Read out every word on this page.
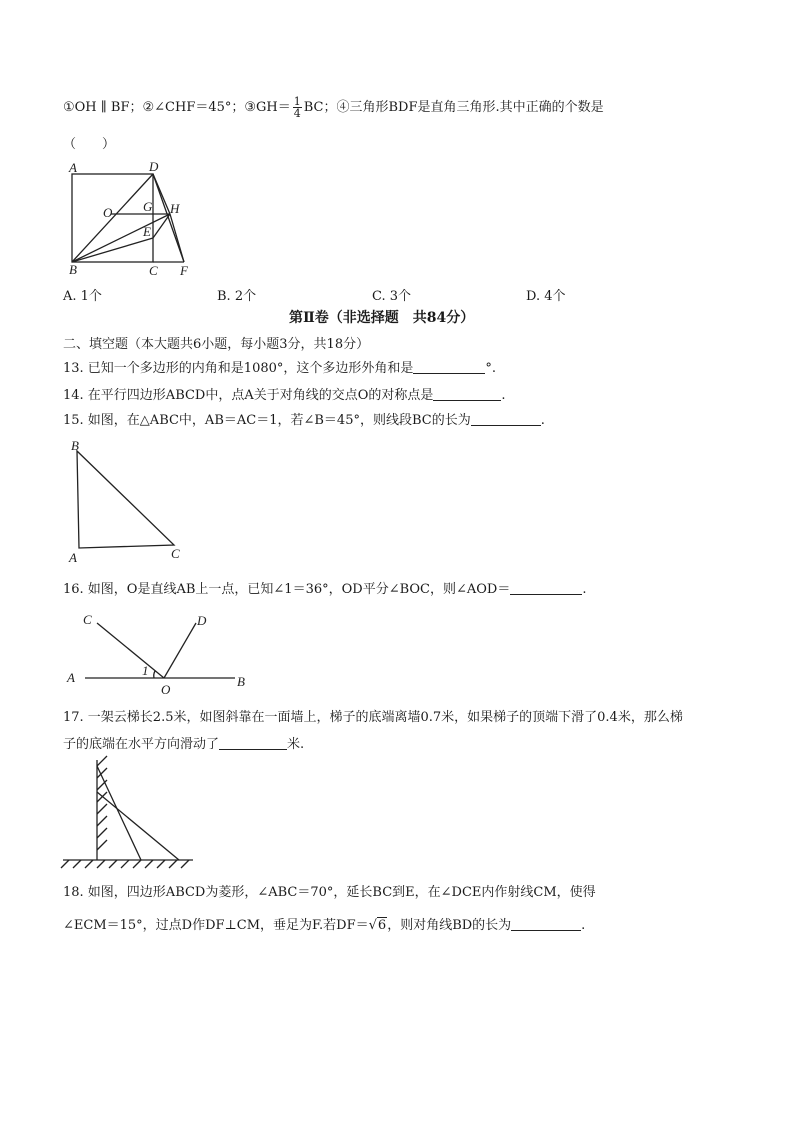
①OH ∥ BF；②∠CHF＝45°；③GH＝ $\frac{1}{4}$ BC；④三角形BDF是直角三角形.其中正确的个数是
（　　）
A	D
O G H
E
B	C F
A. 1个	B. 2个	C. 3个	D. 4个
第Ⅱ卷（非选择题　共84分）
二、填空题（本大题共6小题，每小题3分，共18分）
13. 已知一个多边形的内角和是1080°，这个多边形外角和是	°.
14. 在平行四边形ABCD中，点A关于对角线的交点O的对称点是	.
15. 如图，在△ABC中，AB＝AC＝1，若∠B＝45°，则线段BC的长为	.
B
A	C
16. 如图，O是直线AB上一点，已知∠1＝36°，OD平分∠BOC，则∠AOD＝	.
C	D
A	1
O
B
17. 一架云梯长2.5米，如图斜靠在一面墙上，梯子的底端离墙0.7米，如果梯子的顶端下滑了0.4米，那么梯
子的底端在水平方向滑动了	米.
18. 如图，四边形ABCD为菱形，∠ABC＝70°，延长BC到E，在∠DCE内作射线CM，使得
∠ECM＝15°，过点D作DF⊥CM，垂足为F.若DF＝√6，则对角线BD的长为	.
